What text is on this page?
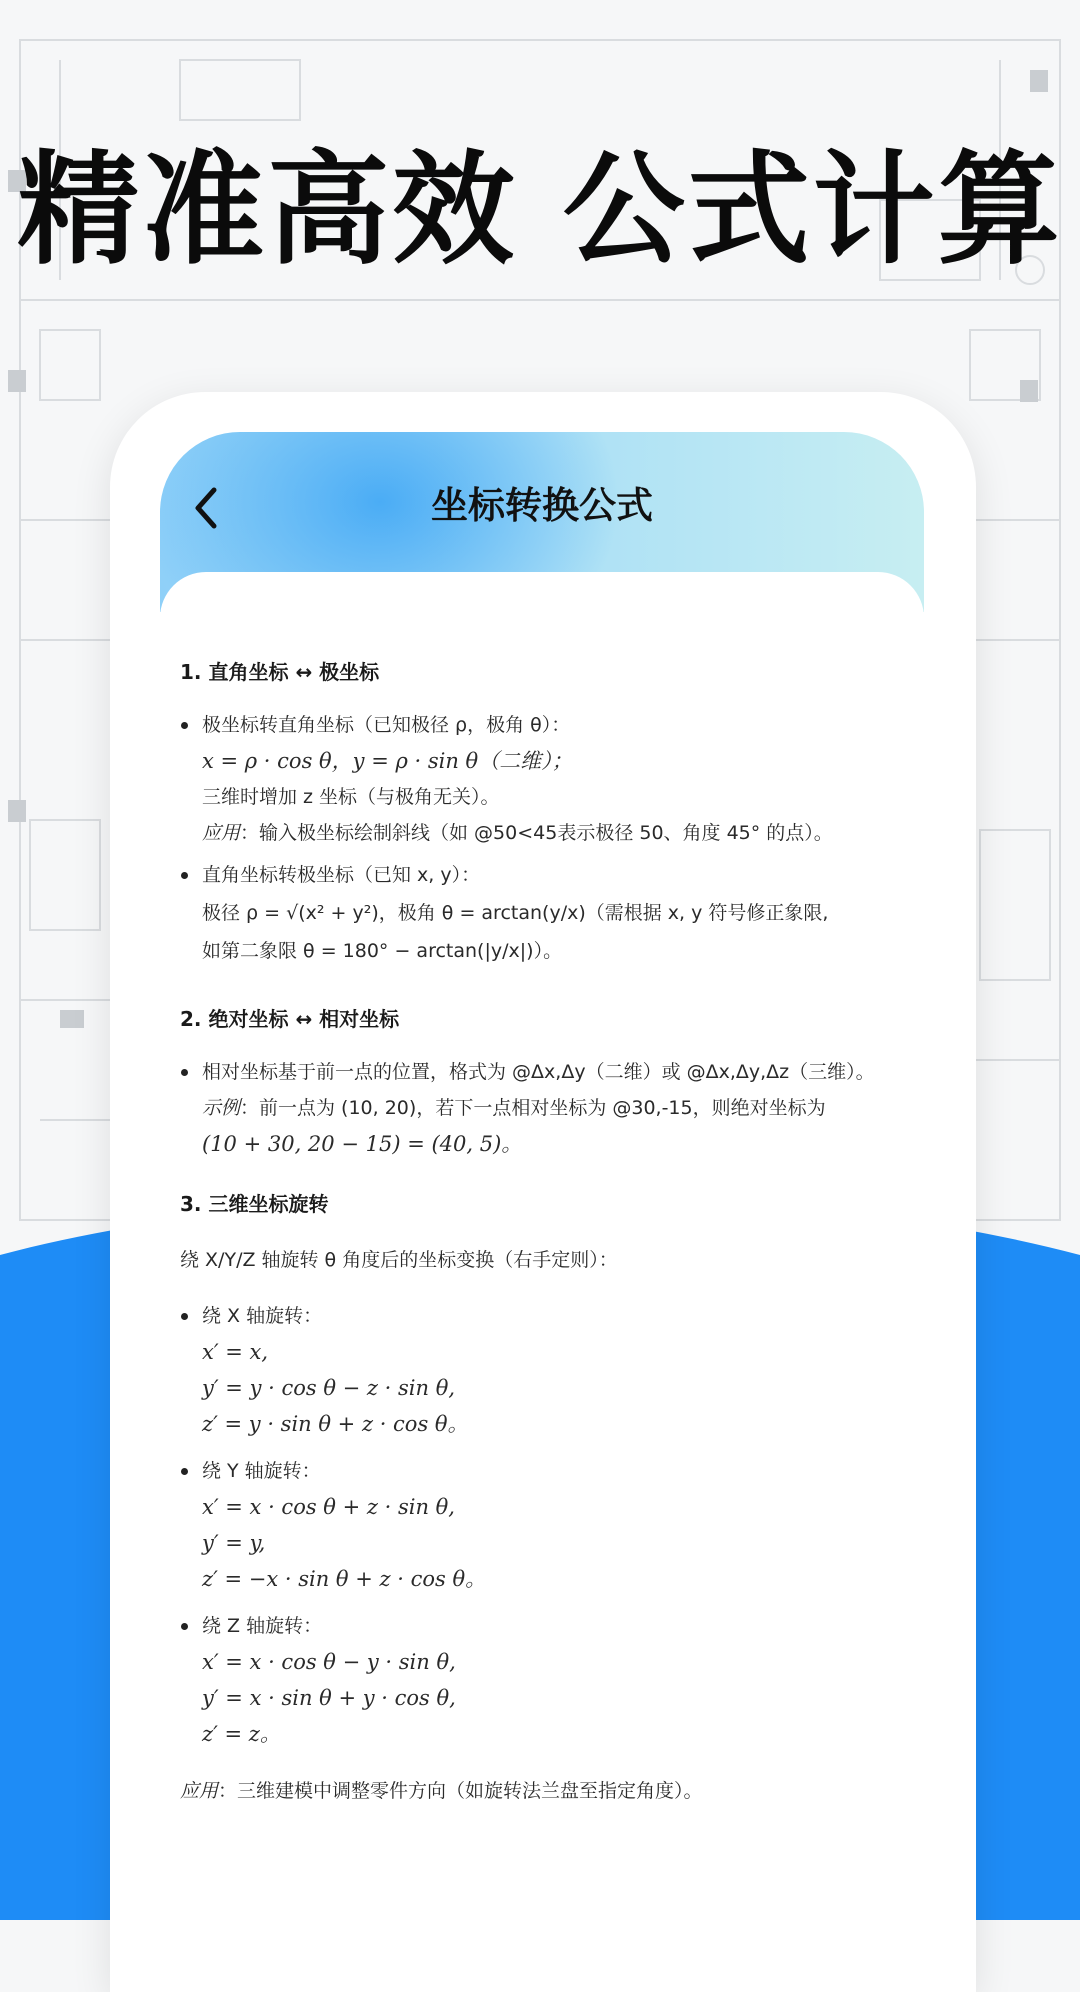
精准高效 公式计算
坐标转换公式
1. 直角坐标 ↔ 极坐标
极坐标转直角坐标（已知极径 ρ，极角 θ）：
x = ρ · cos θ，y = ρ · sin θ（二维）；
三维时增加 z 坐标（与极角无关）。
应用：输入极坐标绘制斜线（如 @50<45表示极径 50、角度 45° 的点）。
直角坐标转极坐标（已知 x, y）：
极径 ρ = √(x² + y²)，极角 θ = arctan(y/x)（需根据 x, y 符号修正象限,
如第二象限 θ = 180° − arctan(|y/x|)）。
2. 绝对坐标 ↔ 相对坐标
相对坐标基于前一点的位置，格式为 @Δx,Δy（二维）或 @Δx,Δy,Δz（三维）。
示例：前一点为 (10, 20)，若下一点相对坐标为 @30,-15，则绝对坐标为
(10 + 30, 20 − 15) = (40, 5)。
3. 三维坐标旋转
绕 X/Y/Z 轴旋转 θ 角度后的坐标变换（右手定则）：
绕 X 轴旋转：
x′ = x,
y′ = y · cos θ − z · sin θ,
z′ = y · sin θ + z · cos θ。
绕 Y 轴旋转：
x′ = x · cos θ + z · sin θ,
y′ = y,
z′ = −x · sin θ + z · cos θ。
绕 Z 轴旋转：
x′ = x · cos θ − y · sin θ,
y′ = x · sin θ + y · cos θ,
z′ = z。
应用：三维建模中调整零件方向（如旋转法兰盘至指定角度）。
